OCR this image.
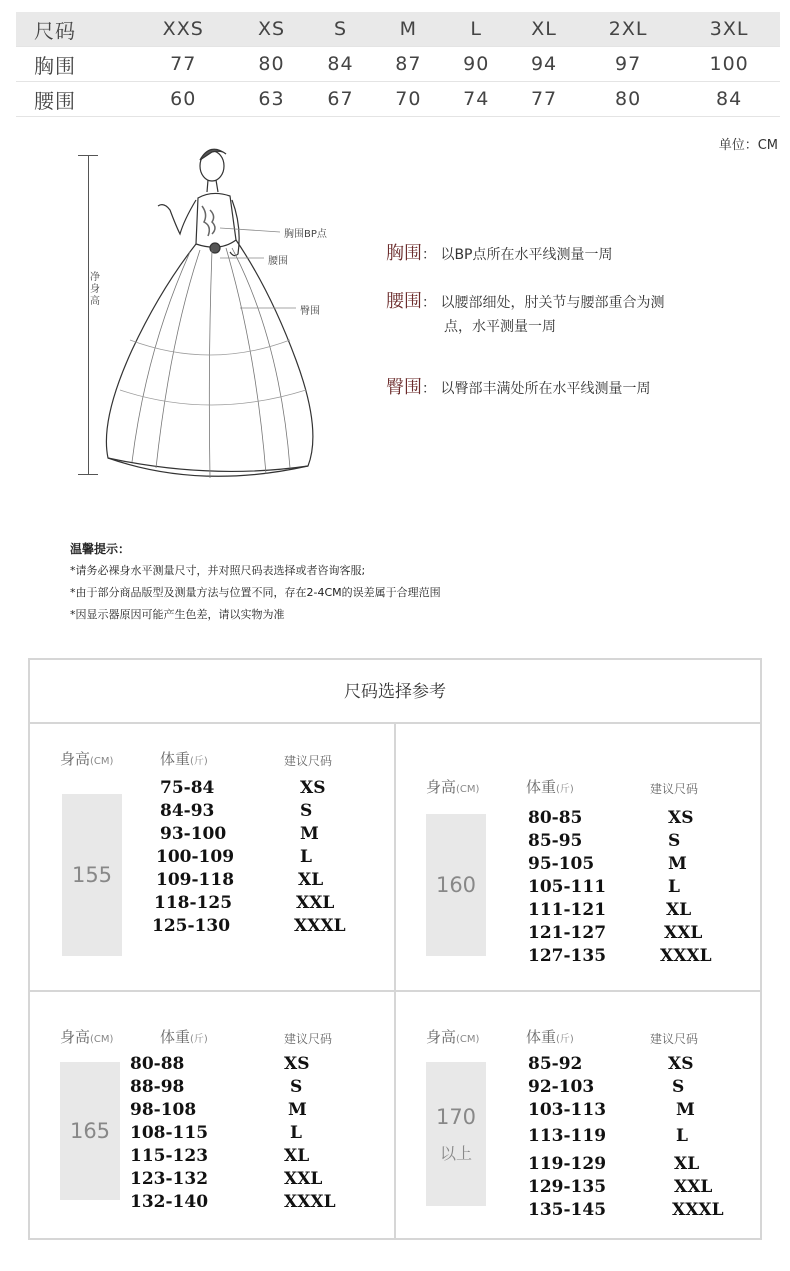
尺码	XXS	XS	S	M	L	XL	2XL	3XL
胸围	77	80	84	87	90	94	97	100
腰围	60	63	67	70	74	77	80	84
单位：CM
净身高
胸围BP点
腰围
臀围
胸围： 以BP点所在水平线测量一周
腰围： 以腰部细处，肘关节与腰部重合为测
点，水平测量一周
臀围： 以臀部丰满处所在水平线测量一周
温馨提示：
*请务必裸身水平测量尺寸，并对照尺码表选择或者咨询客服;
*由于部分商品版型及测量方法与位置不同，存在2-4CM的误差属于合理范围
*因显示器原因可能产生色差，请以实物为准
尺码选择参考
身高(CM)	体重(斤)	建议尺码
155
75-84	XS
84-93	S
93-100	M
100-109	L
109-118	XL
118-125	XXL
125-130	XXXL
身高(CM)	体重(斤)	建议尺码
160
80-85	XS
85-95	S
95-105	M
105-111	L
111-121	XL
121-127	XXL
127-135	XXXL
身高(CM)	体重(斤)	建议尺码
165
80-88	XS
88-98	S
98-108	M
108-115	L
115-123	XL
123-132	XXL
132-140	XXXL
身高(CM)	体重(斤)	建议尺码
170
以上
85-92	XS
92-103	S
103-113	M
113-119	L
119-129	XL
129-135	XXL
135-145	XXXL
